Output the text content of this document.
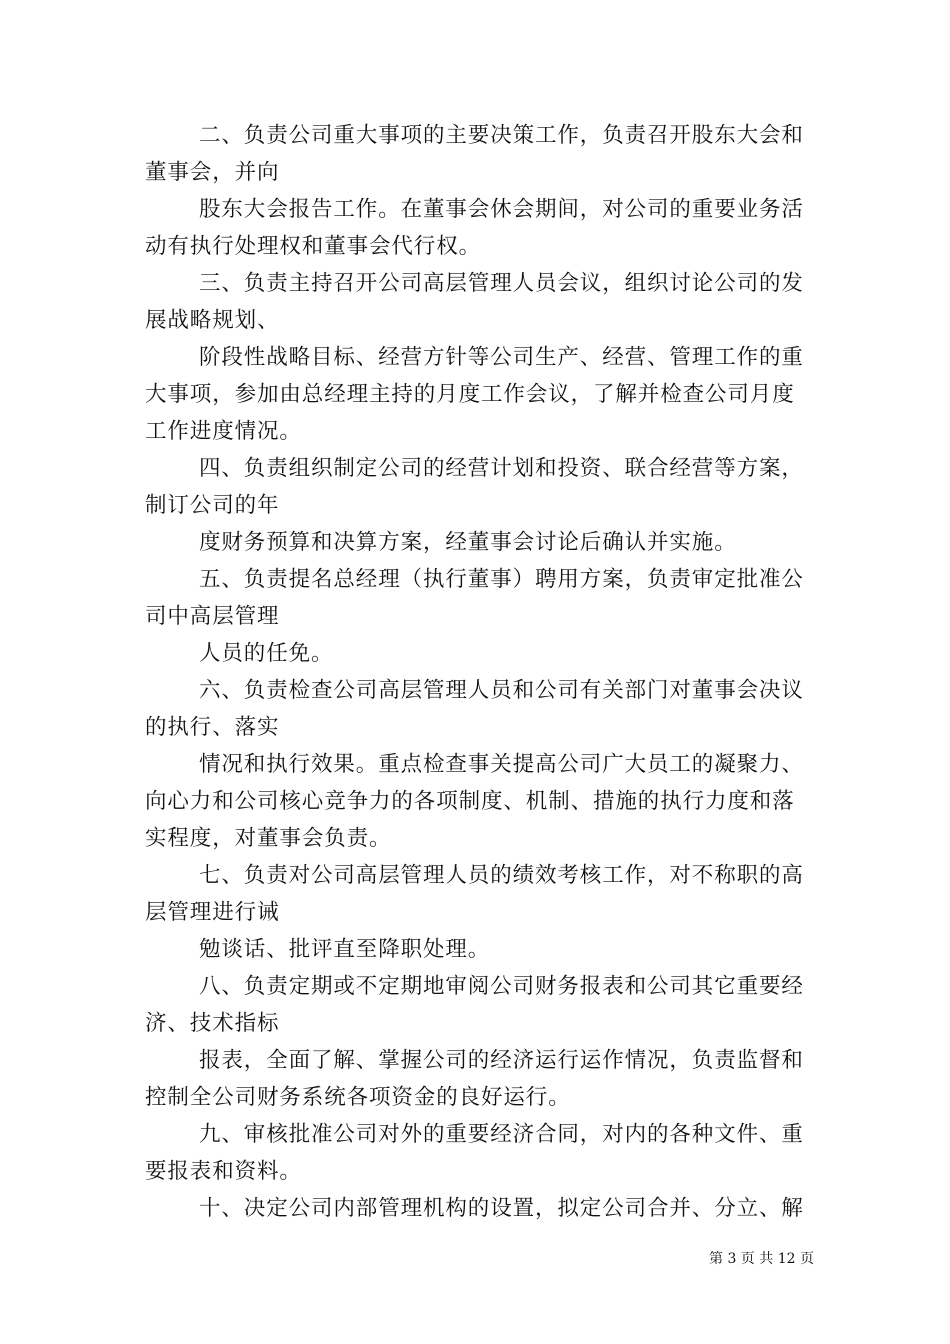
二、负责公司重大事项的主要决策工作，负责召开股东大会和
董事会，并向
股东大会报告工作。在董事会休会期间，对公司的重要业务活
动有执行处理权和董事会代行权。
三、负责主持召开公司高层管理人员会议，组织讨论公司的发
展战略规划、
阶段性战略目标、经营方针等公司生产、经营、管理工作的重
大事项，参加由总经理主持的月度工作会议，了解并检查公司月度
工作进度情况。
四、负责组织制定公司的经营计划和投资、联合经营等方案，
制订公司的年
度财务预算和决算方案，经董事会讨论后确认并实施。
五、负责提名总经理（执行董事）聘用方案，负责审定批准公
司中高层管理
人员的任免。
六、负责检查公司高层管理人员和公司有关部门对董事会决议
的执行、落实
情况和执行效果。重点检查事关提高公司广大员工的凝聚力、
向心力和公司核心竞争力的各项制度、机制、措施的执行力度和落
实程度，对董事会负责。
七、负责对公司高层管理人员的绩效考核工作，对不称职的高
层管理进行诫
勉谈话、批评直至降职处理。
八、负责定期或不定期地审阅公司财务报表和公司其它重要经
济、技术指标
报表，全面了解、掌握公司的经济运行运作情况，负责监督和
控制全公司财务系统各项资金的良好运行。
九、审核批准公司对外的重要经济合同，对内的各种文件、重
要报表和资料。
十、决定公司内部管理机构的设置，拟定公司合并、分立、解
第 3 页 共 12 页
